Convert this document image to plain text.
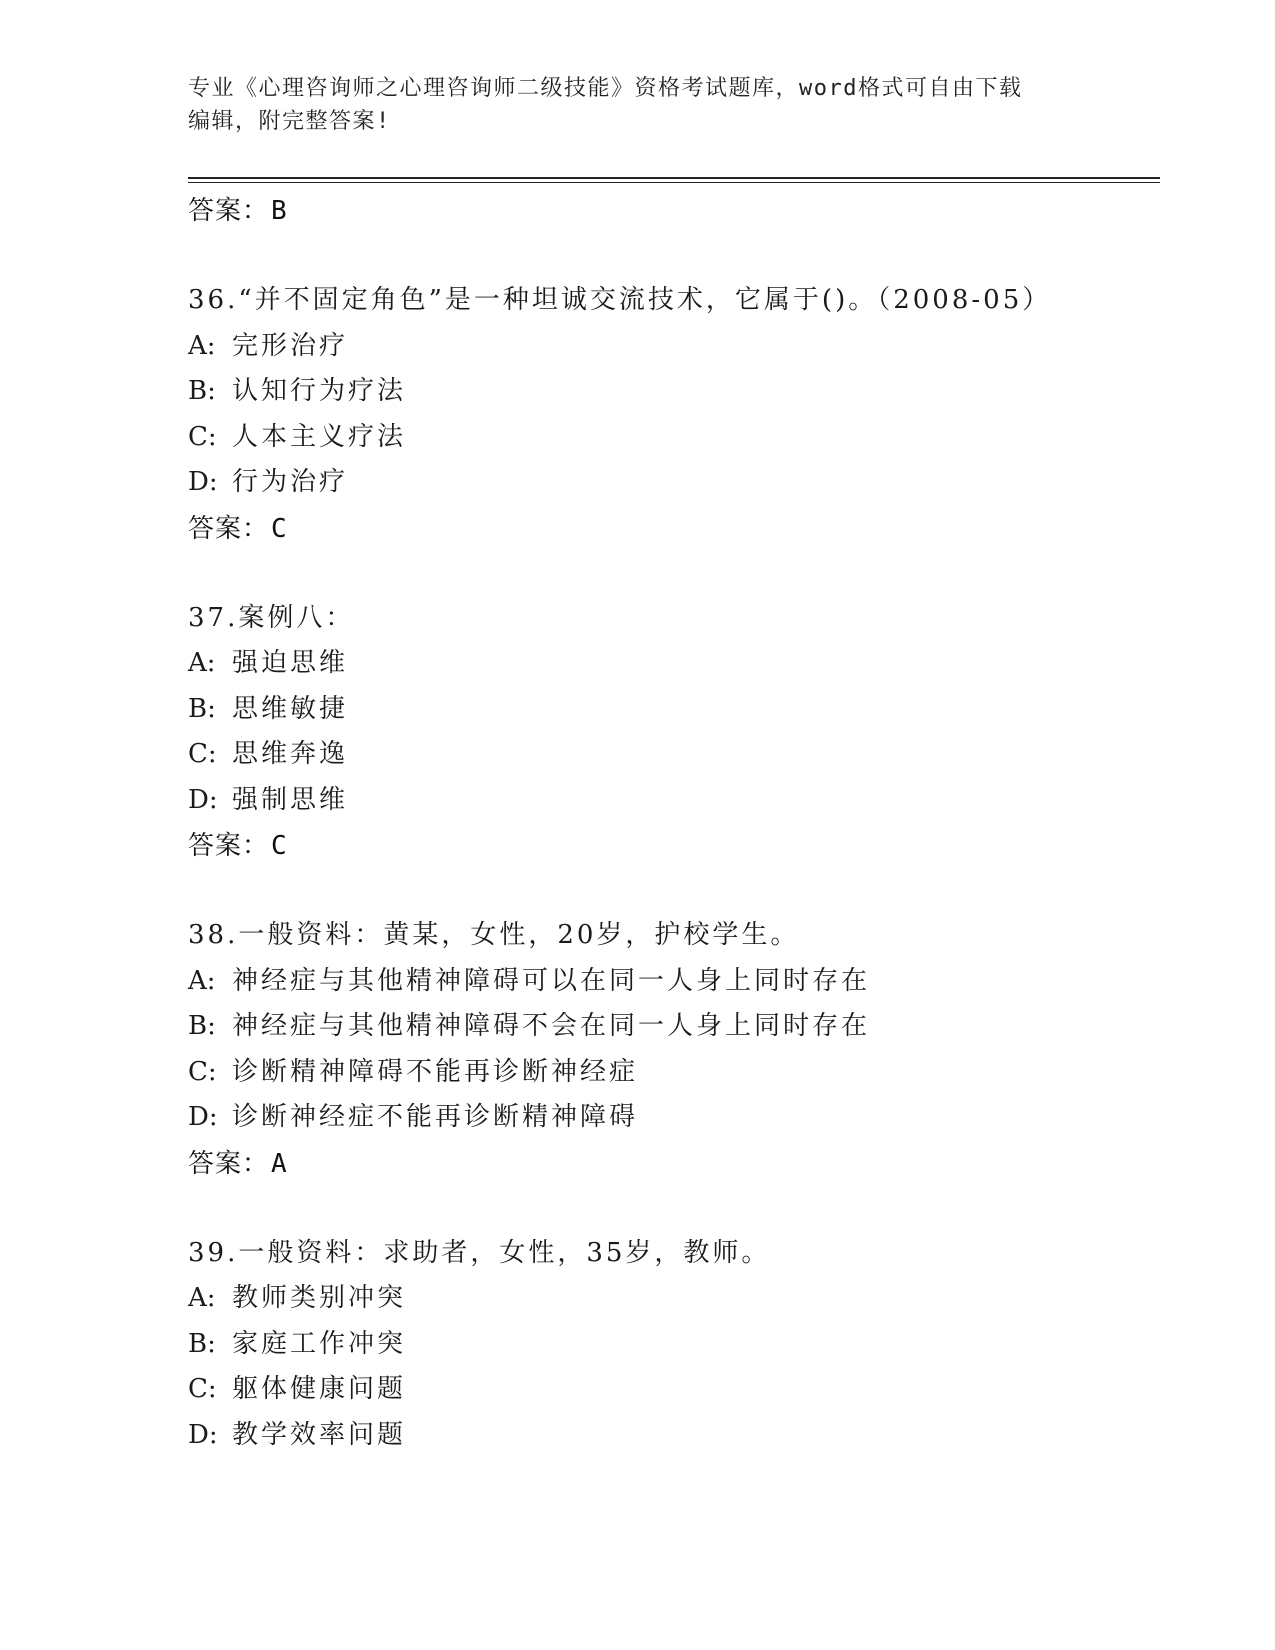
专业《心理咨询师之心理咨询师二级技能》资格考试题库，word格式可自由下载
编辑，附完整答案!
答案：B
36.“并不固定角色”是一种坦诚交流技术，它属于()。（2008-05）
A: 完形治疗
B: 认知行为疗法
C: 人本主义疗法
D: 行为治疗
答案：C
37.案例八：
A: 强迫思维
B: 思维敏捷
C: 思维奔逸
D: 强制思维
答案：C
38.一般资料：黄某，女性，20岁，护校学生。
A: 神经症与其他精神障碍可以在同一人身上同时存在
B: 神经症与其他精神障碍不会在同一人身上同时存在
C: 诊断精神障碍不能再诊断神经症
D: 诊断神经症不能再诊断精神障碍
答案：A
39.一般资料：求助者，女性，35岁，教师。
A: 教师类别冲突
B: 家庭工作冲突
C: 躯体健康问题
D: 教学效率问题
